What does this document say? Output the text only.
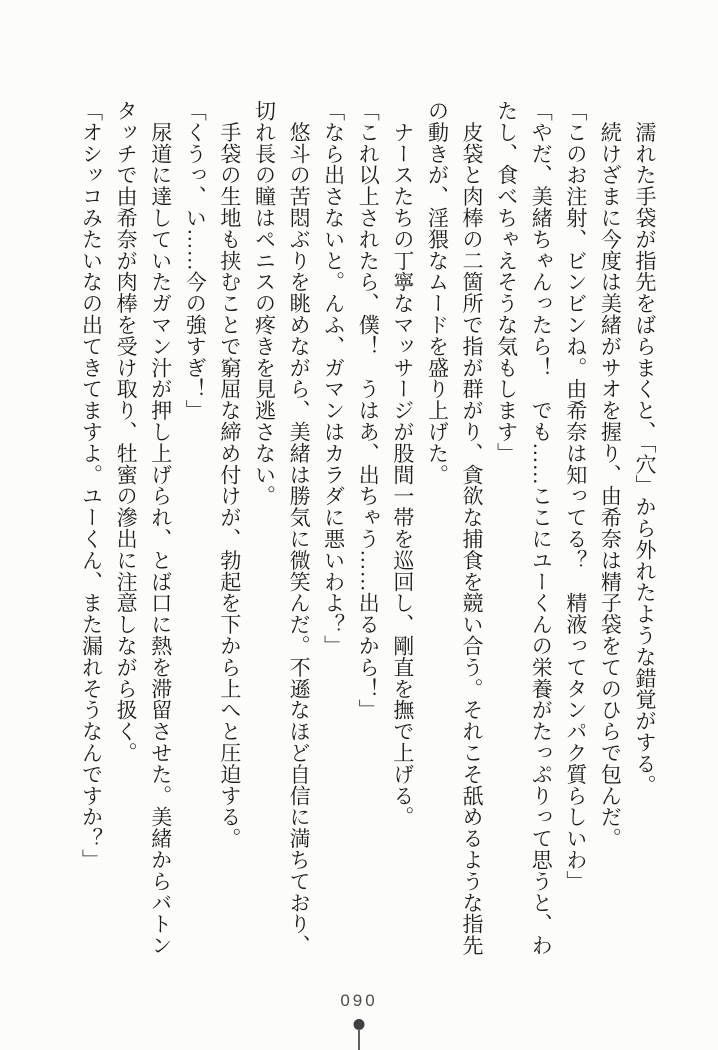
　濡れた手袋が指先をばらまくと、「穴」から外れたような錯覚がする。
　続けざまに今度は美緒がサオを握り、由希奈は精子袋をてのひらで包んだ。
「このお注射、ビンビンね。由希奈は知ってる？　精液ってタンパク質らしいわ」
「やだ、美緒ちゃんったら！　でも……ここにユーくんの栄養がたっぷりって思うと、わ
たし、食べちゃえそうな気もします」
　皮袋と肉棒の二箇所で指が群がり、貪欲な捕食を競い合う。それこそ舐めるような指先
の動きが、淫猥なムードを盛り上げた。
　ナースたちの丁寧なマッサージが股間一帯を巡回し、剛直を撫で上げる。
「これ以上されたら、僕！　うはあ、出ちゃう……出るから！」
「なら出さないと。んふ、ガマンはカラダに悪いわよ？」
　悠斗の苦悶ぶりを眺めながら、美緒は勝気に微笑んだ。不遜なほど自信に満ちており、
切れ長の瞳はペニスの疼きを見逃さない。
　手袋の生地も挟むことで窮屈な締め付けが、勃起を下から上へと圧迫する。
「くうっ、い……今の強すぎ！」
　尿道に達していたガマン汁が押し上げられ、とば口に熱を滞留させた。美緒からバトン
タッチで由希奈が肉棒を受け取り、牡蜜の滲出に注意しながら扱く。
「オシッコみたいなの出てきてますよ。ユーくん、また漏れそうなんですか？」
090
